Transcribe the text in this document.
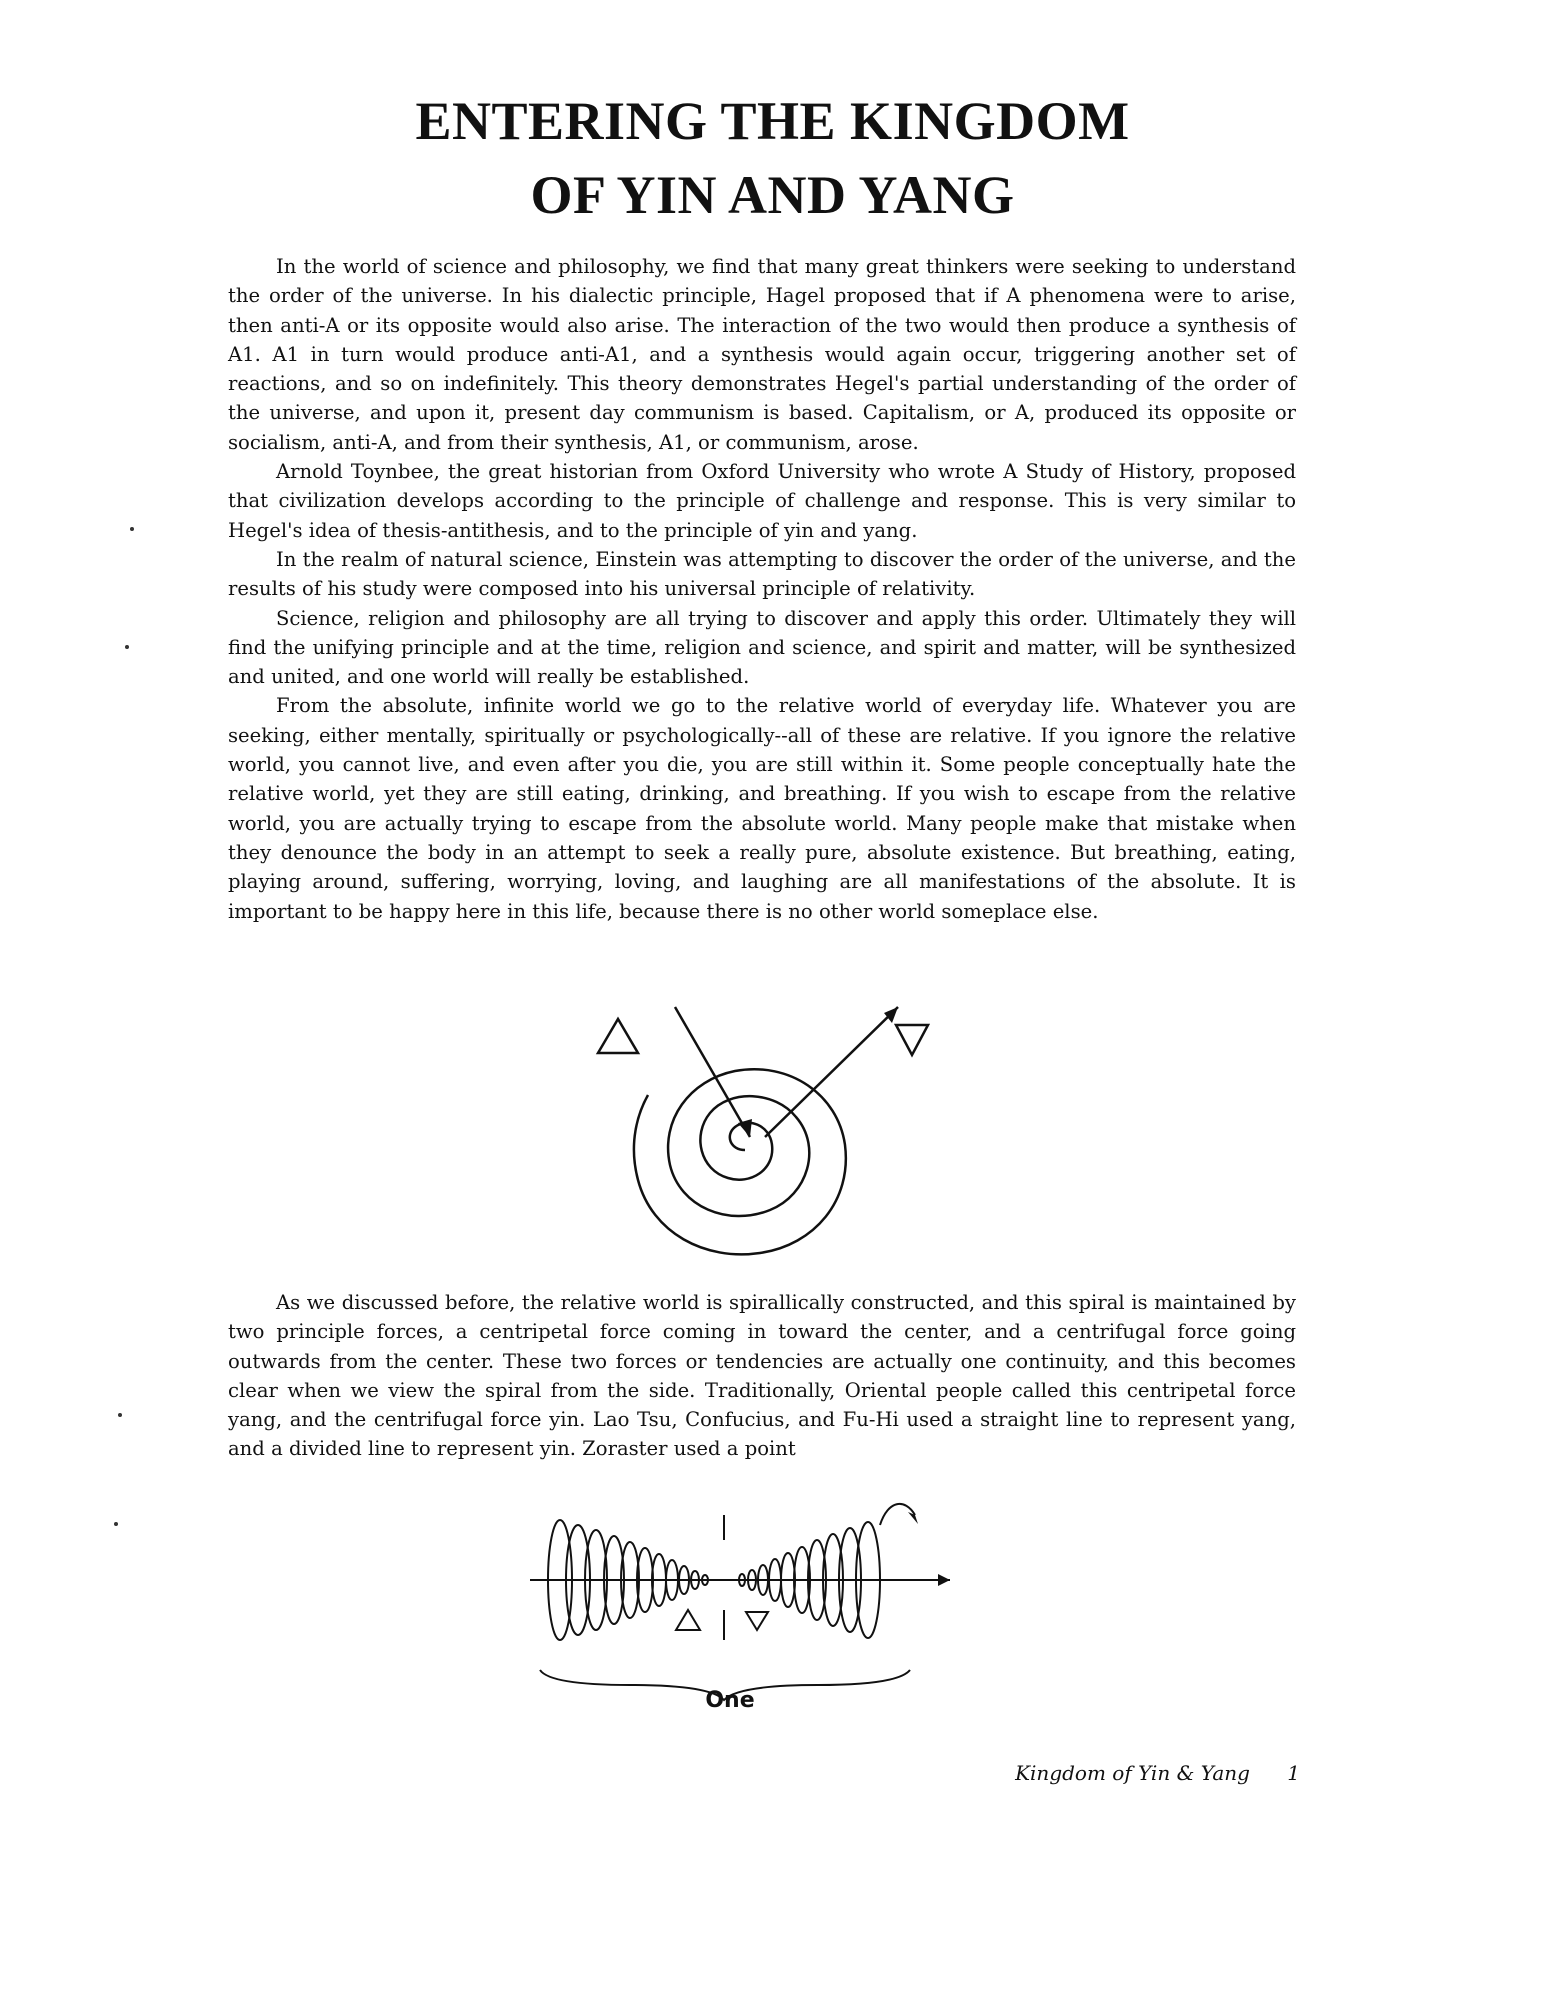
ENTERING THE KINGDOM
OF YIN AND YANG

In the world of science and philosophy, we find that many great thinkers were seeking to understand the order of the universe. In his dialectic principle, Hagel proposed that if A phenomena were to arise, then anti-A or its opposite would also arise. The interaction of the two would then produce a synthesis of A1. A1 in turn would produce anti-A1, and a synthesis would again occur, triggering another set of reactions, and so on indefinitely. This theory demonstrates Hegel's partial understanding of the order of the universe, and upon it, present day communism is based. Capitalism, or A, produced its opposite or socialism, anti-A, and from their synthesis, A1, or communism, arose.

Arnold Toynbee, the great historian from Oxford University who wrote A Study of History, proposed that civilization develops according to the principle of challenge and response. This is very similar to Hegel's idea of thesis-antithesis, and to the principle of yin and yang.

In the realm of natural science, Einstein was attempting to discover the order of the universe, and the results of his study were composed into his universal principle of relativity.

Science, religion and philosophy are all trying to discover and apply this order. Ultimately they will find the unifying principle and at the time, religion and science, and spirit and matter, will be synthesized and united, and one world will really be established.

From the absolute, infinite world we go to the relative world of everyday life. Whatever you are seeking, either mentally, spiritually or psychologically--all of these are relative. If you ignore the relative world, you cannot live, and even after you die, you are still within it. Some people conceptually hate the relative world, yet they are still eating, drinking, and breathing. If you wish to escape from the relative world, you are actually trying to escape from the absolute world. Many people make that mistake when they denounce the body in an attempt to seek a really pure, absolute existence. But breathing, eating, playing around, suffering, worrying, loving, and laughing are all manifestations of the absolute. It is important to be happy here in this life, because there is no other world someplace else.

As we discussed before, the relative world is spirallically constructed, and this spiral is maintained by two principle forces, a centripetal force coming in toward the center, and a centrifugal force going outwards from the center. These two forces or tendencies are actually one continuity, and this becomes clear when we view the spiral from the side. Traditionally, Oriental people called this centripetal force yang, and the centrifugal force yin. Lao Tsu, Confucius, and Fu-Hi used a straight line to represent yang, and a divided line to represent yin. Zoraster used a point

One
Kingdom of Yin & Yang	1
